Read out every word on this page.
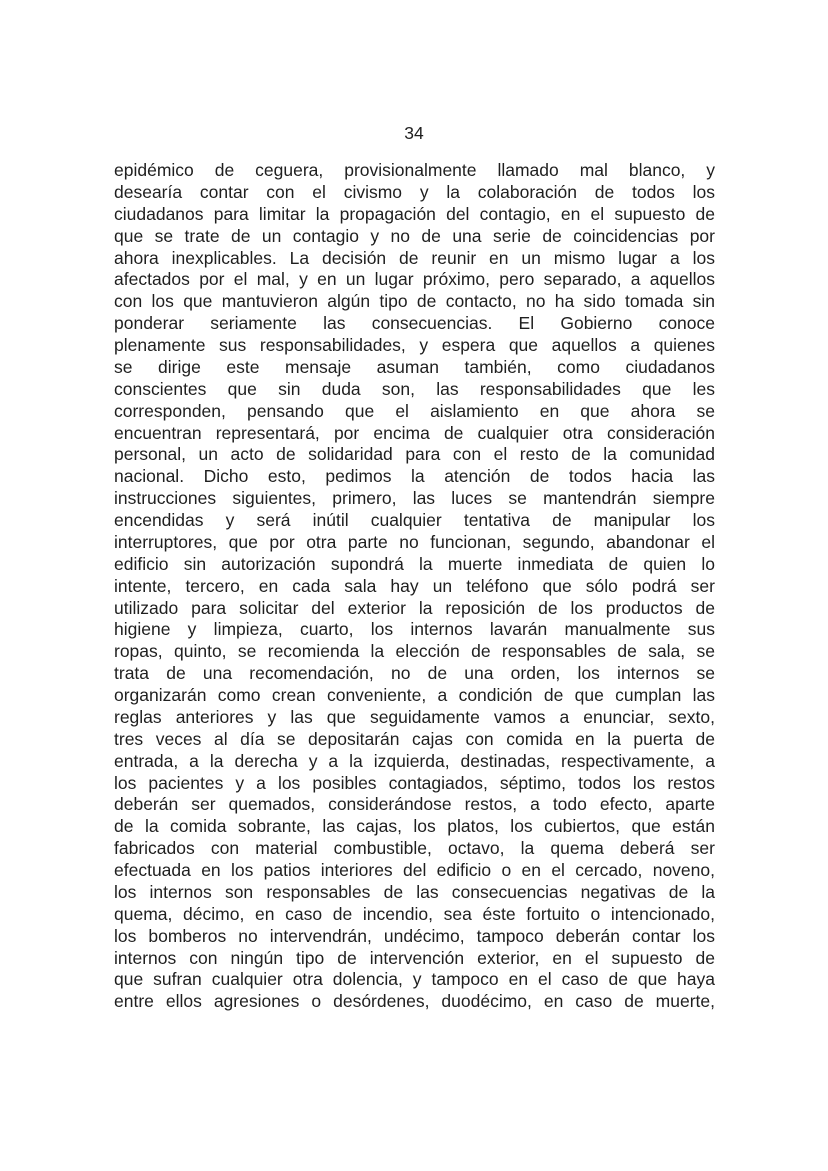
34
epidémico de ceguera, provisionalmente llamado mal blanco, y
desearía contar con el civismo y la colaboración de todos los
ciudadanos para limitar la propagación del contagio, en el supuesto de
que se trate de un contagio y no de una serie de coincidencias por
ahora inexplicables. La decisión de reunir en un mismo lugar a los
afectados por el mal, y en un lugar próximo, pero separado, a aquellos
con los que mantuvieron algún tipo de contacto, no ha sido tomada sin
ponderar seriamente las consecuencias. El Gobierno conoce
plenamente sus responsabilidades, y espera que aquellos a quienes
se dirige este mensaje asuman también, como ciudadanos
conscientes que sin duda son, las responsabilidades que les
corresponden, pensando que el aislamiento en que ahora se
encuentran representará, por encima de cualquier otra consideración
personal, un acto de solidaridad para con el resto de la comunidad
nacional. Dicho esto, pedimos la atención de todos hacia las
instrucciones siguientes, primero, las luces se mantendrán siempre
encendidas y será inútil cualquier tentativa de manipular los
interruptores, que por otra parte no funcionan, segundo, abandonar el
edificio sin autorización supondrá la muerte inmediata de quien lo
intente, tercero, en cada sala hay un teléfono que sólo podrá ser
utilizado para solicitar del exterior la reposición de los productos de
higiene y limpieza, cuarto, los internos lavarán manualmente sus
ropas, quinto, se recomienda la elección de responsables de sala, se
trata de una recomendación, no de una orden, los internos se
organizarán como crean conveniente, a condición de que cumplan las
reglas anteriores y las que seguidamente vamos a enunciar, sexto,
tres veces al día se depositarán cajas con comida en la puerta de
entrada, a la derecha y a la izquierda, destinadas, respectivamente, a
los pacientes y a los posibles contagiados, séptimo, todos los restos
deberán ser quemados, considerándose restos, a todo efecto, aparte
de la comida sobrante, las cajas, los platos, los cubiertos, que están
fabricados con material combustible, octavo, la quema deberá ser
efectuada en los patios interiores del edificio o en el cercado, noveno,
los internos son responsables de las consecuencias negativas de la
quema, décimo, en caso de incendio, sea éste fortuito o intencionado,
los bomberos no intervendrán, undécimo, tampoco deberán contar los
internos con ningún tipo de intervención exterior, en el supuesto de
que sufran cualquier otra dolencia, y tampoco en el caso de que haya
entre ellos agresiones o desórdenes, duodécimo, en caso de muerte,
